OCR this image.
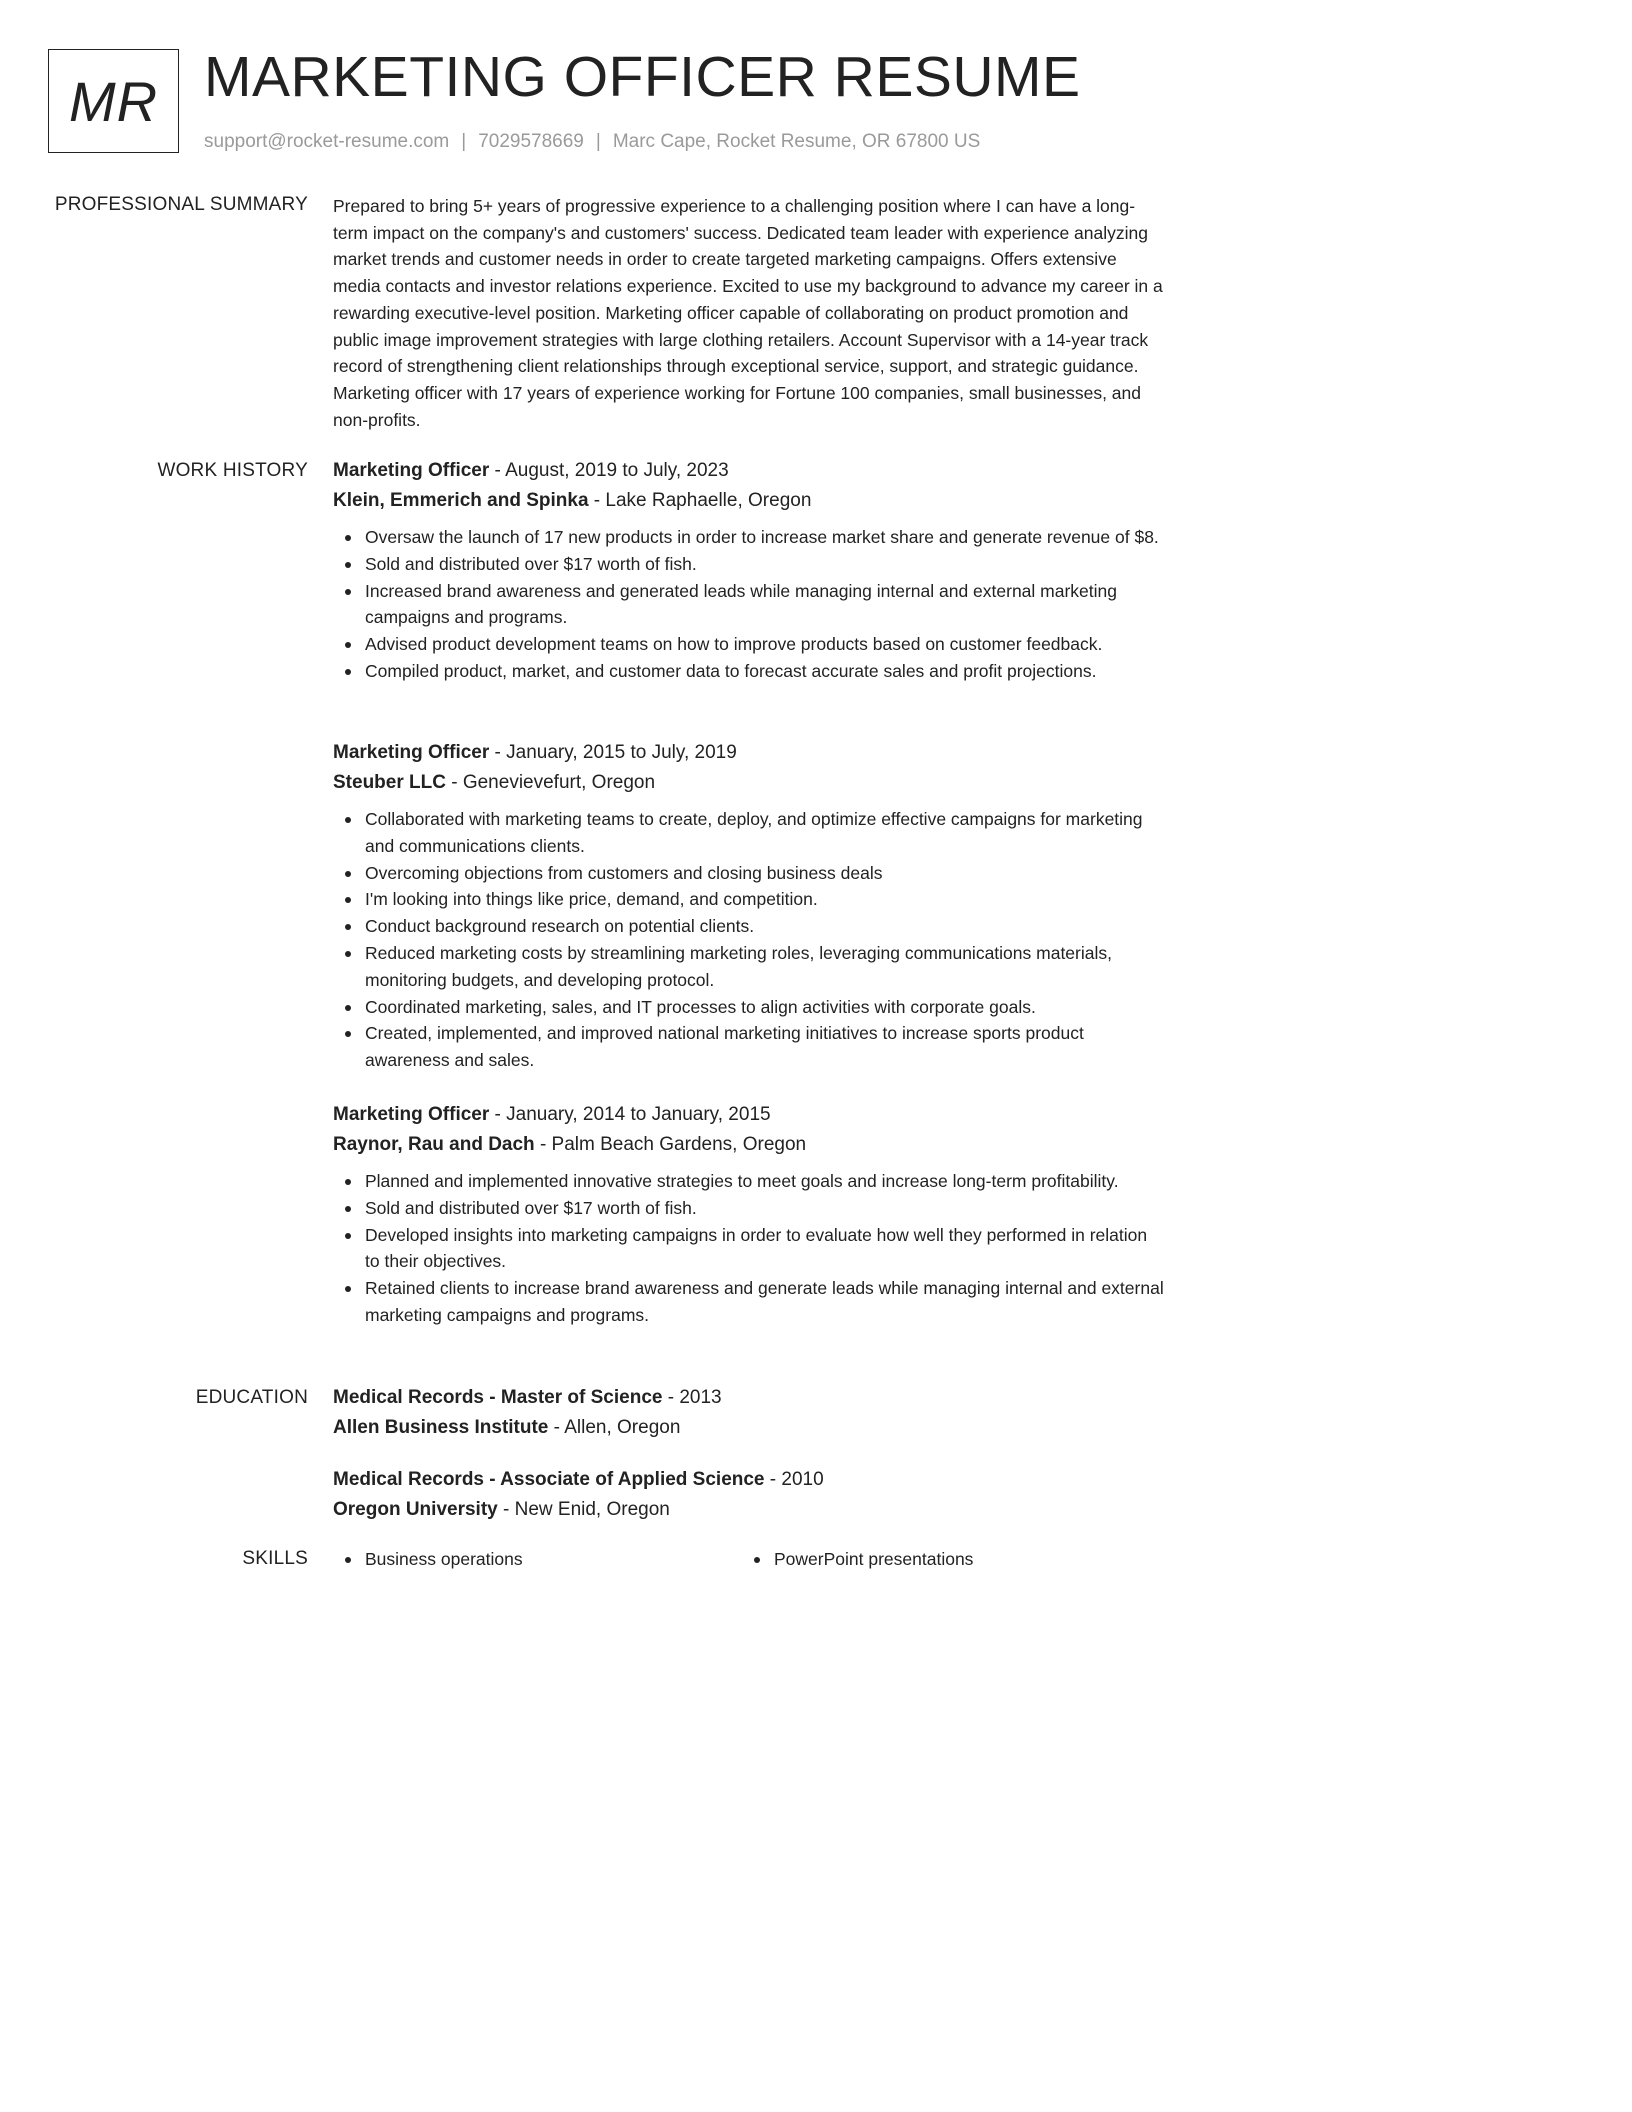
MR MARKETING OFFICER RESUME
support@rocket-resume.com | 7029578669 | Marc Cape, Rocket Resume, OR 67800 US
PROFESSIONAL SUMMARY Prepared to bring 5+ years of progressive experience to a challenging position where I can have a long-term impact on the company's and customers' success. Dedicated team leader with experience analyzing market trends and customer needs in order to create targeted marketing campaigns. Offers extensive media contacts and investor relations experience. Excited to use my background to advance my career in a rewarding executive-level position. Marketing officer capable of collaborating on product promotion and public image improvement strategies with large clothing retailers. Account Supervisor with a 14-year track record of strengthening client relationships through exceptional service, support, and strategic guidance. Marketing officer with 17 years of experience working for Fortune 100 companies, small businesses, and non-profits.

WORK HISTORY Marketing Officer - August, 2019 to July, 2023
Klein, Emmerich and Spinka - Lake Raphaelle, Oregon
Oversaw the launch of 17 new products in order to increase market share and generate revenue of $8.
Sold and distributed over $17 worth of fish.
Increased brand awareness and generated leads while managing internal and external marketing campaigns and programs.
Advised product development teams on how to improve products based on customer feedback.
Compiled product, market, and customer data to forecast accurate sales and profit projections.
Marketing Officer - January, 2015 to July, 2019
Steuber LLC - Genevievefurt, Oregon
Collaborated with marketing teams to create, deploy, and optimize effective campaigns for marketing and communications clients.
Overcoming objections from customers and closing business deals
I'm looking into things like price, demand, and competition.
Conduct background research on potential clients.
Reduced marketing costs by streamlining marketing roles, leveraging communications materials, monitoring budgets, and developing protocol.
Coordinated marketing, sales, and IT processes to align activities with corporate goals.
Created, implemented, and improved national marketing initiatives to increase sports product awareness and sales.
Marketing Officer - January, 2014 to January, 2015
Raynor, Rau and Dach - Palm Beach Gardens, Oregon
Planned and implemented innovative strategies to meet goals and increase long-term profitability.
Sold and distributed over $17 worth of fish.
Developed insights into marketing campaigns in order to evaluate how well they performed in relation to their objectives.
Retained clients to increase brand awareness and generate leads while managing internal and external marketing campaigns and programs.
EDUCATION Medical Records - Master of Science - 2013
Allen Business Institute - Allen, Oregon
Medical Records - Associate of Applied Science - 2010
Oregon University - New Enid, Oregon
SKILLS	Business operations	PowerPoint presentations
